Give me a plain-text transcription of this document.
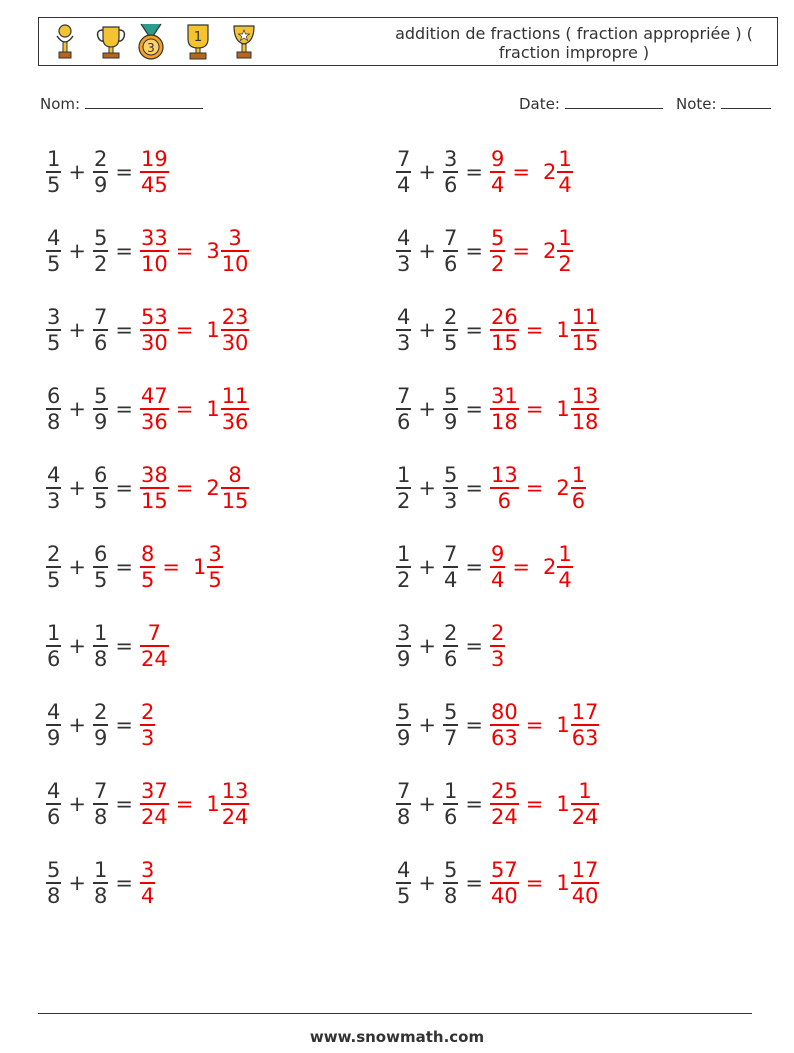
3
1	addition de fractions ( fraction appropriée ) ( fraction impropre )
Nom:	Date:	Note:
$\frac{1}{5} + \frac{2}{9} = \frac{19}{45}$	$\frac{7}{4} + \frac{3}{6} = \frac{9}{4} = 2 \frac{1}{4}$
$\frac{4}{5} + \frac{5}{2} = \frac{33}{10} = 3 \frac{3}{10}$	$\frac{4}{3} + \frac{7}{6} = \frac{5}{2} = 2 \frac{1}{2}$
$\frac{3}{5} + \frac{7}{6} = \frac{53}{30} = 1 \frac{23}{30}$	$\frac{4}{3} + \frac{2}{5} = \frac{26}{15} = 1 \frac{11}{15}$
$\frac{6}{8} + \frac{5}{9} = \frac{47}{36} = 1 \frac{11}{36}$	$\frac{7}{6} + \frac{5}{9} = \frac{31}{18} = 1 \frac{13}{18}$
$\frac{4}{3} + \frac{6}{5} = \frac{38}{15} = 2 \frac{8}{15}$	$\frac{1}{2} + \frac{5}{3} = \frac{13}{6} = 2 \frac{1}{6}$
$\frac{2}{5} + \frac{6}{5} = \frac{8}{5} = 1 \frac{3}{5}$	$\frac{1}{2} + \frac{7}{4} = \frac{9}{4} = 2 \frac{1}{4}$
$\frac{1}{6} + \frac{1}{8} = \frac{7}{24}$	$\frac{3}{9} + \frac{2}{6} = \frac{2}{3}$
$\frac{4}{9} + \frac{2}{9} = \frac{2}{3}$	$\frac{5}{9} + \frac{5}{7} = \frac{80}{63} = 1 \frac{17}{63}$
$\frac{4}{6} + \frac{7}{8} = \frac{37}{24} = 1 \frac{13}{24}$	$\frac{7}{8} + \frac{1}{6} = \frac{25}{24} = 1 \frac{1}{24}$
$\frac{5}{8} + \frac{1}{8} = \frac{3}{4}$	$\frac{4}{5} + \frac{5}{8} = \frac{57}{40} = 1 \frac{17}{40}$
www.snowmath.com
